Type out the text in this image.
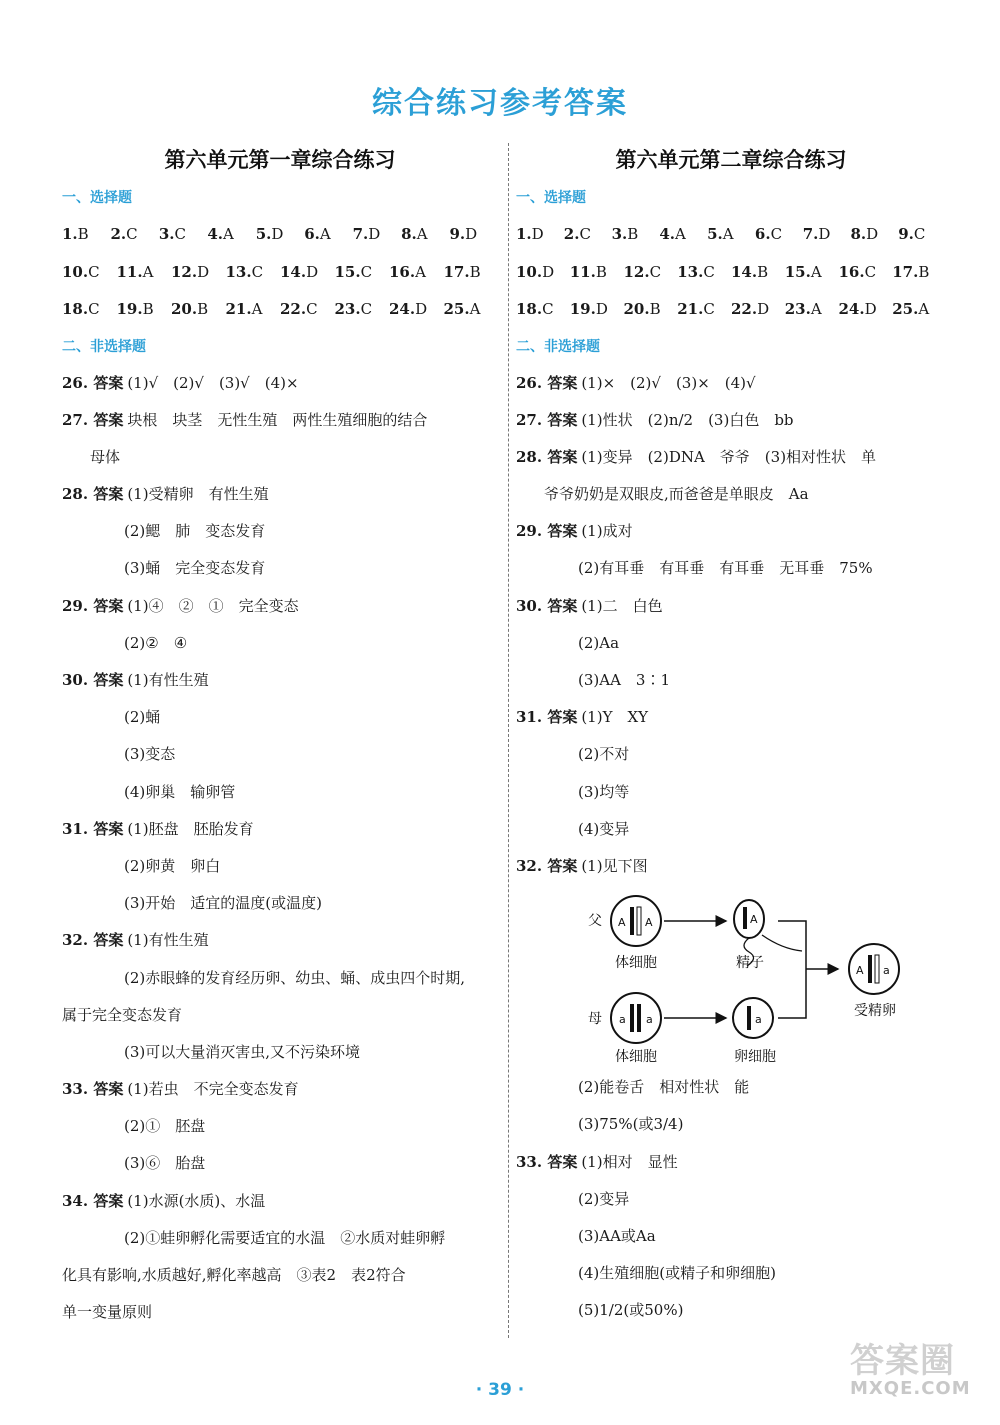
综合练习参考答案
第六单元第一章综合练习
一、选择题
1.B	2.C	3.C	4.A	5.D	6.A	7.D	8.A	9.D
10.C	11.A	12.D	13.C	14.D	15.C	16.A	17.B
18.C	19.B	20.B	21.A	22.C	23.C	24.D	25.A
二、非选择题
26. 答案 (1)√　(2)√　(3)√　(4)×
27. 答案 块根　块茎　无性生殖　两性生殖细胞的结合
母体
28. 答案 (1)受精卵　有性生殖
(2)鳃　肺　变态发育
(3)蛹　完全变态发育
29. 答案 (1)④　②　①　完全变态
(2)②　④
30. 答案 (1)有性生殖
(2)蛹
(3)变态
(4)卵巢　输卵管
31. 答案 (1)胚盘　胚胎发育
(2)卵黄　卵白
(3)开始　适宜的温度(或温度)
32. 答案 (1)有性生殖
(2)赤眼蜂的发育经历卵、幼虫、蛹、成虫四个时期,
属于完全变态发育
(3)可以大量消灭害虫,又不污染环境
33. 答案 (1)若虫　不完全变态发育
(2)①　胚盘
(3)⑥　胎盘
34. 答案 (1)水源(水质)、水温
(2)①蛙卵孵化需要适宜的水温　②水质对蛙卵孵
化具有影响,水质越好,孵化率越高　③表2　表2符合
单一变量原则
第六单元第二章综合练习
一、选择题
1.D	2.C	3.B	4.A	5.A	6.C	7.D	8.D	9.C
10.D	11.B	12.C	13.C	14.B	15.A	16.C	17.B
18.C	19.D	20.B	21.C	22.D	23.A	24.D	25.A
二、非选择题
26. 答案 (1)×　(2)√　(3)×　(4)√
27. 答案 (1)性状　(2)n/2　(3)白色　bb
28. 答案 (1)变异　(2)DNA　爷爷　(3)相对性状　单
爷爷奶奶是双眼皮,而爸爸是单眼皮　Aa
29. 答案 (1)成对
(2)有耳垂　有耳垂　有耳垂　无耳垂　75%
30. 答案 (1)二　白色
(2)Aa
(3)AA　3∶1
31. 答案 (1)Y　XY
(2)不对
(3)均等
(4)变异
32. 答案 (1)见下图
父 A A
体细胞
A
精子
母 a a
体细胞
a
卵细胞
A a
受精卵
(2)能卷舌　相对性状　能
(3)75%(或3/4)
33. 答案 (1)相对　显性
(2)变异
(3)AA或Aa
(4)生殖细胞(或精子和卵细胞)
(5)1/2(或50%)
· 39 ·
答案圈
MXQE.COM
